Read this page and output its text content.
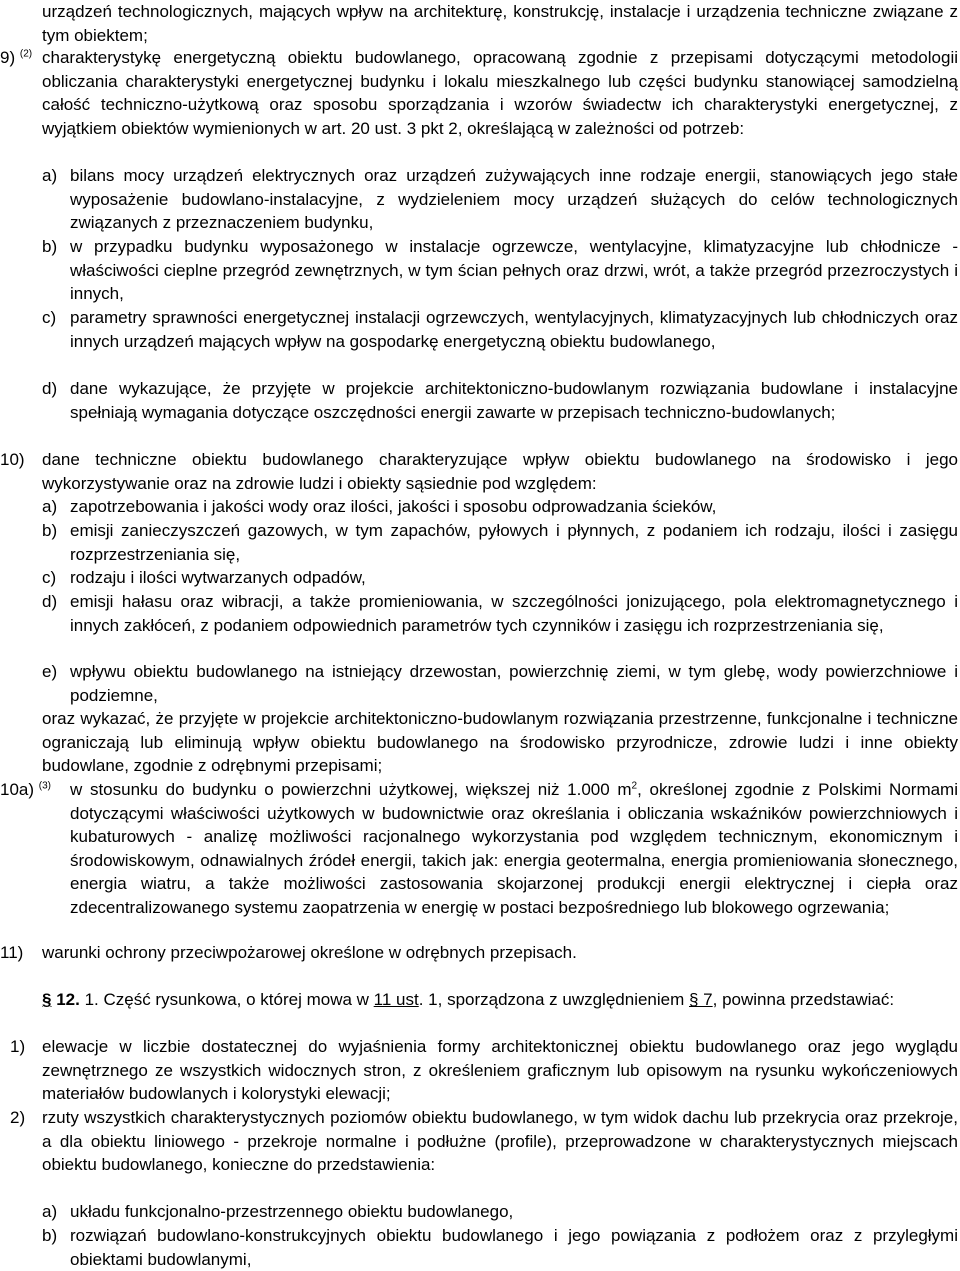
urządzeń technologicznych, mających wpływ na architekturę, konstrukcję, instalacje i urządzenia techniczne związane z tym obiektem;
9) $^{(2)}$ charakterystykę energetyczną obiektu budowlanego, opracowaną zgodnie z przepisami dotyczącymi metodologii obliczania charakterystyki energetycznej budynku i lokalu mieszkalnego lub części budynku stanowiącej samodzielną całość techniczno-użytkową oraz sposobu sporządzania i wzorów świadectw ich charakterystyki energetycznej, z wyjątkiem obiektów wymienionych w art. 20 ust. 3 pkt 2, określającą w zależności od potrzeb:
a) bilans mocy urządzeń elektrycznych oraz urządzeń zużywających inne rodzaje energii, stanowiących jego stałe wyposażenie budowlano-instalacyjne, z wydzieleniem mocy urządzeń służących do celów technologicznych związanych z przeznaczeniem budynku,
b) w przypadku budynku wyposażonego w instalacje ogrzewcze, wentylacyjne, klimatyzacyjne lub chłodnicze - właściwości cieplne przegród zewnętrznych, w tym ścian pełnych oraz drzwi, wrót, a także przegród przezroczystych i innych,
c) parametry sprawności energetycznej instalacji ogrzewczych, wentylacyjnych, klimatyzacyjnych lub chłodniczych oraz innych urządzeń mających wpływ na gospodarkę energetyczną obiektu budowlanego,
d) dane wykazujące, że przyjęte w projekcie architektoniczno-budowlanym rozwiązania budowlane i instalacyjne spełniają wymagania dotyczące oszczędności energii zawarte w przepisach techniczno-budowlanych;
10) dane techniczne obiektu budowlanego charakteryzujące wpływ obiektu budowlanego na środowisko i jego wykorzystywanie oraz na zdrowie ludzi i obiekty sąsiednie pod względem:
a) zapotrzebowania i jakości wody oraz ilości, jakości i sposobu odprowadzania ścieków,
b) emisji zanieczyszczeń gazowych, w tym zapachów, pyłowych i płynnych, z podaniem ich rodzaju, ilości i zasięgu rozprzestrzeniania się,
c) rodzaju i ilości wytwarzanych odpadów,
d) emisji hałasu oraz wibracji, a także promieniowania, w szczególności jonizującego, pola elektromagnetycznego i innych zakłóceń, z podaniem odpowiednich parametrów tych czynników i zasięgu ich rozprzestrzeniania się,
e) wpływu obiektu budowlanego na istniejący drzewostan, powierzchnię ziemi, w tym glebę, wody powierzchniowe i podziemne,
oraz wykazać, że przyjęte w projekcie architektoniczno-budowlanym rozwiązania przestrzenne, funkcjonalne i techniczne ograniczają lub eliminują wpływ obiektu budowlanego na środowisko przyrodnicze, zdrowie ludzi i inne obiekty budowlane, zgodnie z odrębnymi przepisami;
10a) $^{(3)}$ w stosunku do budynku o powierzchni użytkowej, większej niż 1.000 $m^2$, określonej zgodnie z Polskimi Normami dotyczącymi właściwości użytkowych w budownictwie oraz określania i obliczania wskaźników powierzchniowych i kubaturowych - analizę możliwości racjonalnego wykorzystania pod względem technicznym, ekonomicznym i środowiskowym, odnawialnych źródeł energii, takich jak: energia geotermalna, energia promieniowania słonecznego, energia wiatru, a także możliwości zastosowania skojarzonej produkcji energii elektrycznej i ciepła oraz zdecentralizowanego systemu zaopatrzenia w energię w postaci bezpośredniego lub blokowego ogrzewania;
11) warunki ochrony przeciwpożarowej określone w odrębnych przepisach.
§ 12. 1. Część rysunkowa, o której mowa w 11 ust. 1, sporządzona z uwzględnieniem § 7, powinna przedstawiać:
1) elewacje w liczbie dostatecznej do wyjaśnienia formy architektonicznej obiektu budowlanego oraz jego wyglądu zewnętrznego ze wszystkich widocznych stron, z określeniem graficznym lub opisowym na rysunku wykończeniowych materiałów budowlanych i kolorystyki elewacji;
2) rzuty wszystkich charakterystycznych poziomów obiektu budowlanego, w tym widok dachu lub przekrycia oraz przekroje, a dla obiektu liniowego - przekroje normalne i podłużne (profile), przeprowadzone w charakterystycznych miejscach obiektu budowlanego, konieczne do przedstawienia:
a) układu funkcjonalno-przestrzennego obiektu budowlanego,
b) rozwiązań budowlano-konstrukcyjnych obiektu budowlanego i jego powiązania z podłożem oraz z przyległymi obiektami budowlanymi,
